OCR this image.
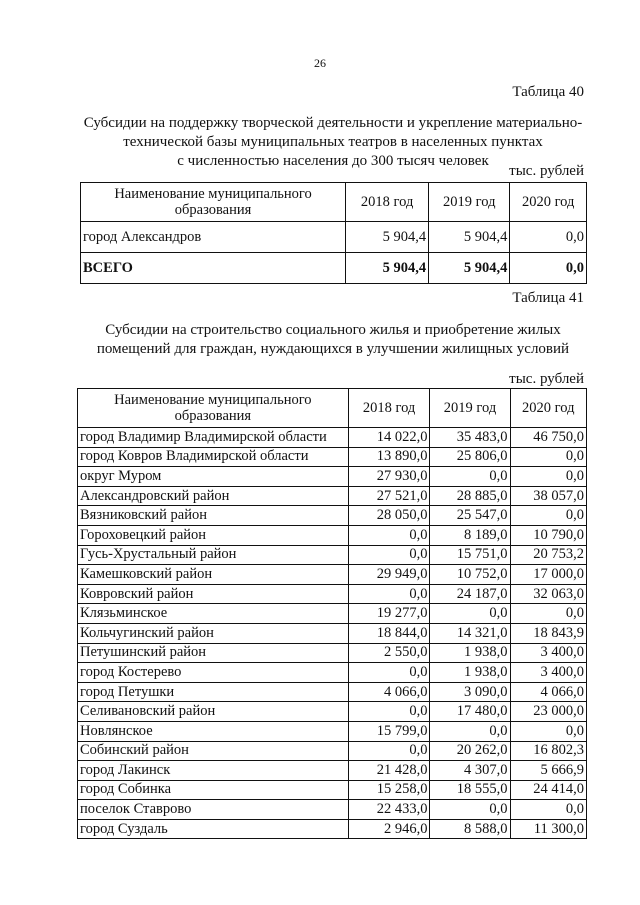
26
Таблица 40
Субсидии на поддержку творческой деятельности и укрепление материально-
технической базы муниципальных театров в населенных пунктах
с численностью населения до 300 тысяч человек
тыс. рублей
Наименование муниципального образования	2018 год	2019 год	2020 год
город Александров	5 904,4	5 904,4	0,0
ВСЕГО	5 904,4	5 904,4	0,0
Таблица 41
Субсидии на строительство социального жилья и приобретение жилых
помещений для граждан, нуждающихся в улучшении жилищных условий
тыс. рублей
Наименование муниципального образования	2018 год	2019 год	2020 год
город Владимир Владимирской области	14 022,0	35 483,0	46 750,0
город Ковров Владимирской области	13 890,0	25 806,0	0,0
округ Муром	27 930,0	0,0	0,0
Александровский район	27 521,0	28 885,0	38 057,0
Вязниковский район	28 050,0	25 547,0	0,0
Гороховецкий район	0,0	8 189,0	10 790,0
Гусь-Хрустальный район	0,0	15 751,0	20 753,2
Камешковский район	29 949,0	10 752,0	17 000,0
Ковровский район	0,0	24 187,0	32 063,0
Клязьминское	19 277,0	0,0	0,0
Кольчугинский район	18 844,0	14 321,0	18 843,9
Петушинский район	2 550,0	1 938,0	3 400,0
город Костерево	0,0	1 938,0	3 400,0
город Петушки	4 066,0	3 090,0	4 066,0
Селивановский район	0,0	17 480,0	23 000,0
Новлянское	15 799,0	0,0	0,0
Собинский район	0,0	20 262,0	16 802,3
город Лакинск	21 428,0	4 307,0	5 666,9
город Собинка	15 258,0	18 555,0	24 414,0
поселок Ставрово	22 433,0	0,0	0,0
город Суздаль	2 946,0	8 588,0	11 300,0
